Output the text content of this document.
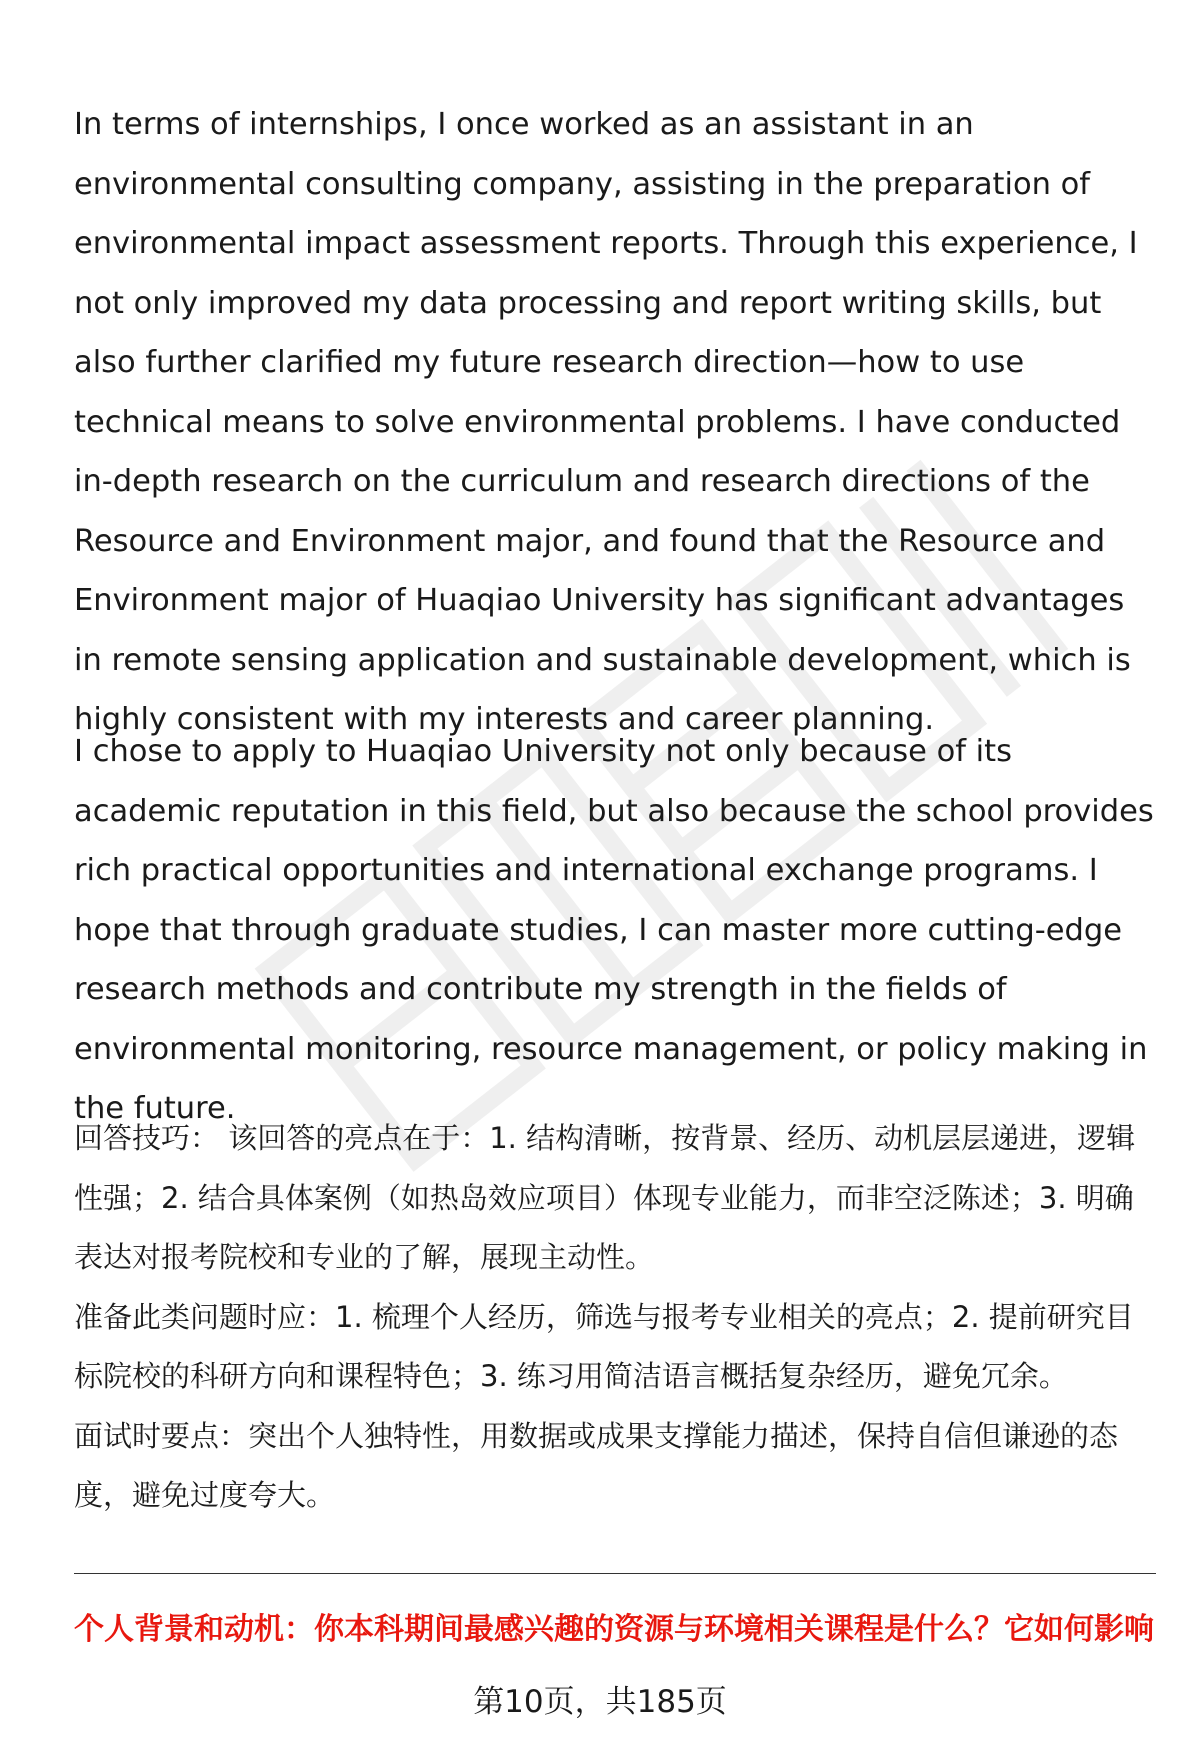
In terms of internships, I once worked as an assistant in an environmental consulting company, assisting in the preparation of environmental impact assessment reports. Through this experience, I not only improved my data processing and report writing skills, but also further clarified my future research direction—how to use technical means to solve environmental problems. I have conducted in-depth research on the curriculum and research directions of the Resource and Environment major, and found that the Resource and Environment major of Huaqiao University has significant advantages in remote sensing application and sustainable development, which is highly consistent with my interests and career planning.

I chose to apply to Huaqiao University not only because of its academic reputation in this field, but also because the school provides rich practical opportunities and international exchange programs. I hope that through graduate studies, I can master more cutting-edge research methods and contribute my strength in the fields of environmental monitoring, resource management, or policy making in the future.

回答技巧： 该回答的亮点在于：1. 结构清晰，按背景、经历、动机层层递进，逻辑性强；2. 结合具体案例（如热岛效应项目）体现专业能力，而非空泛陈述；3. 明确表达对报考院校和专业的了解，展现主动性。
准备此类问题时应：1. 梳理个人经历，筛选与报考专业相关的亮点；2. 提前研究目标院校的科研方向和课程特色；3. 练习用简洁语言概括复杂经历，避免冗余。
面试时要点：突出个人独特性，用数据或成果支撑能力描述，保持自信但谦逊的态度，避免过度夸大。

个人背景和动机：你本科期间最感兴趣的资源与环境相关课程是什么？它如何影响

第10页，共185页
